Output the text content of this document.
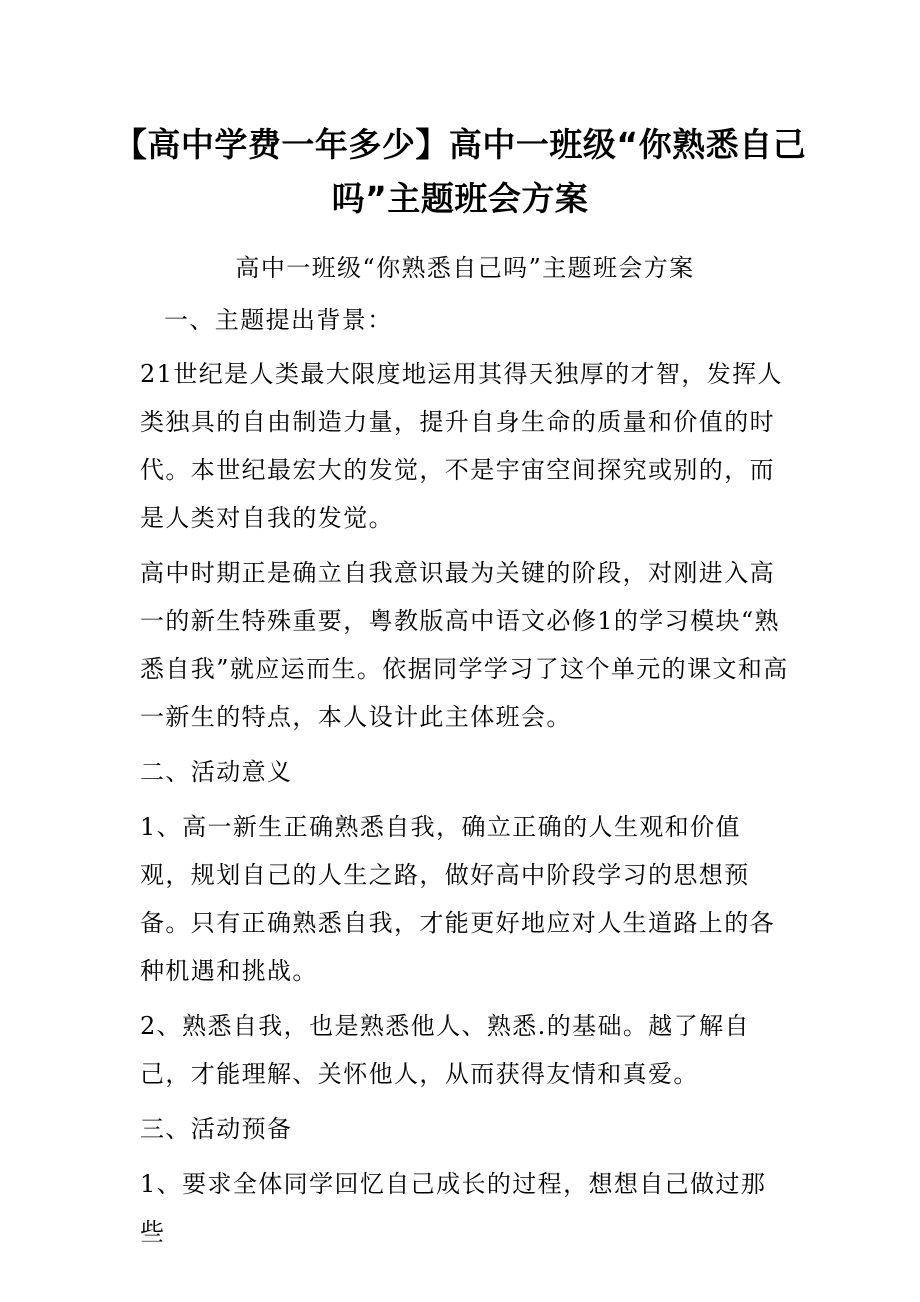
【高中学费一年多少】高中一班级“你熟悉自己吗”主题班会方案

高中一班级“你熟悉自己吗”主题班会方案

一、主题提出背景：

21世纪是人类最大限度地运用其得天独厚的才智，发挥人类独具的自由制造力量，提升自身生命的质量和价值的时代。本世纪最宏大的发觉，不是宇宙空间探究或别的，而是人类对自我的发觉。

高中时期正是确立自我意识最为关键的阶段，对刚进入高一的新生特殊重要，粤教版高中语文必修1的学习模块“熟悉自我”就应运而生。依据同学学习了这个单元的课文和高一新生的特点，本人设计此主体班会。

二、活动意义

1、高一新生正确熟悉自我，确立正确的人生观和价值观，规划自己的人生之路，做好高中阶段学习的思想预备。只有正确熟悉自我，才能更好地应对人生道路上的各种机遇和挑战。

2、熟悉自我，也是熟悉他人、熟悉.的基础。越了解自己，才能理解、关怀他人，从而获得友情和真爱。

三、活动预备

1、要求全体同学回忆自己成长的过程，想想自己做过那些
